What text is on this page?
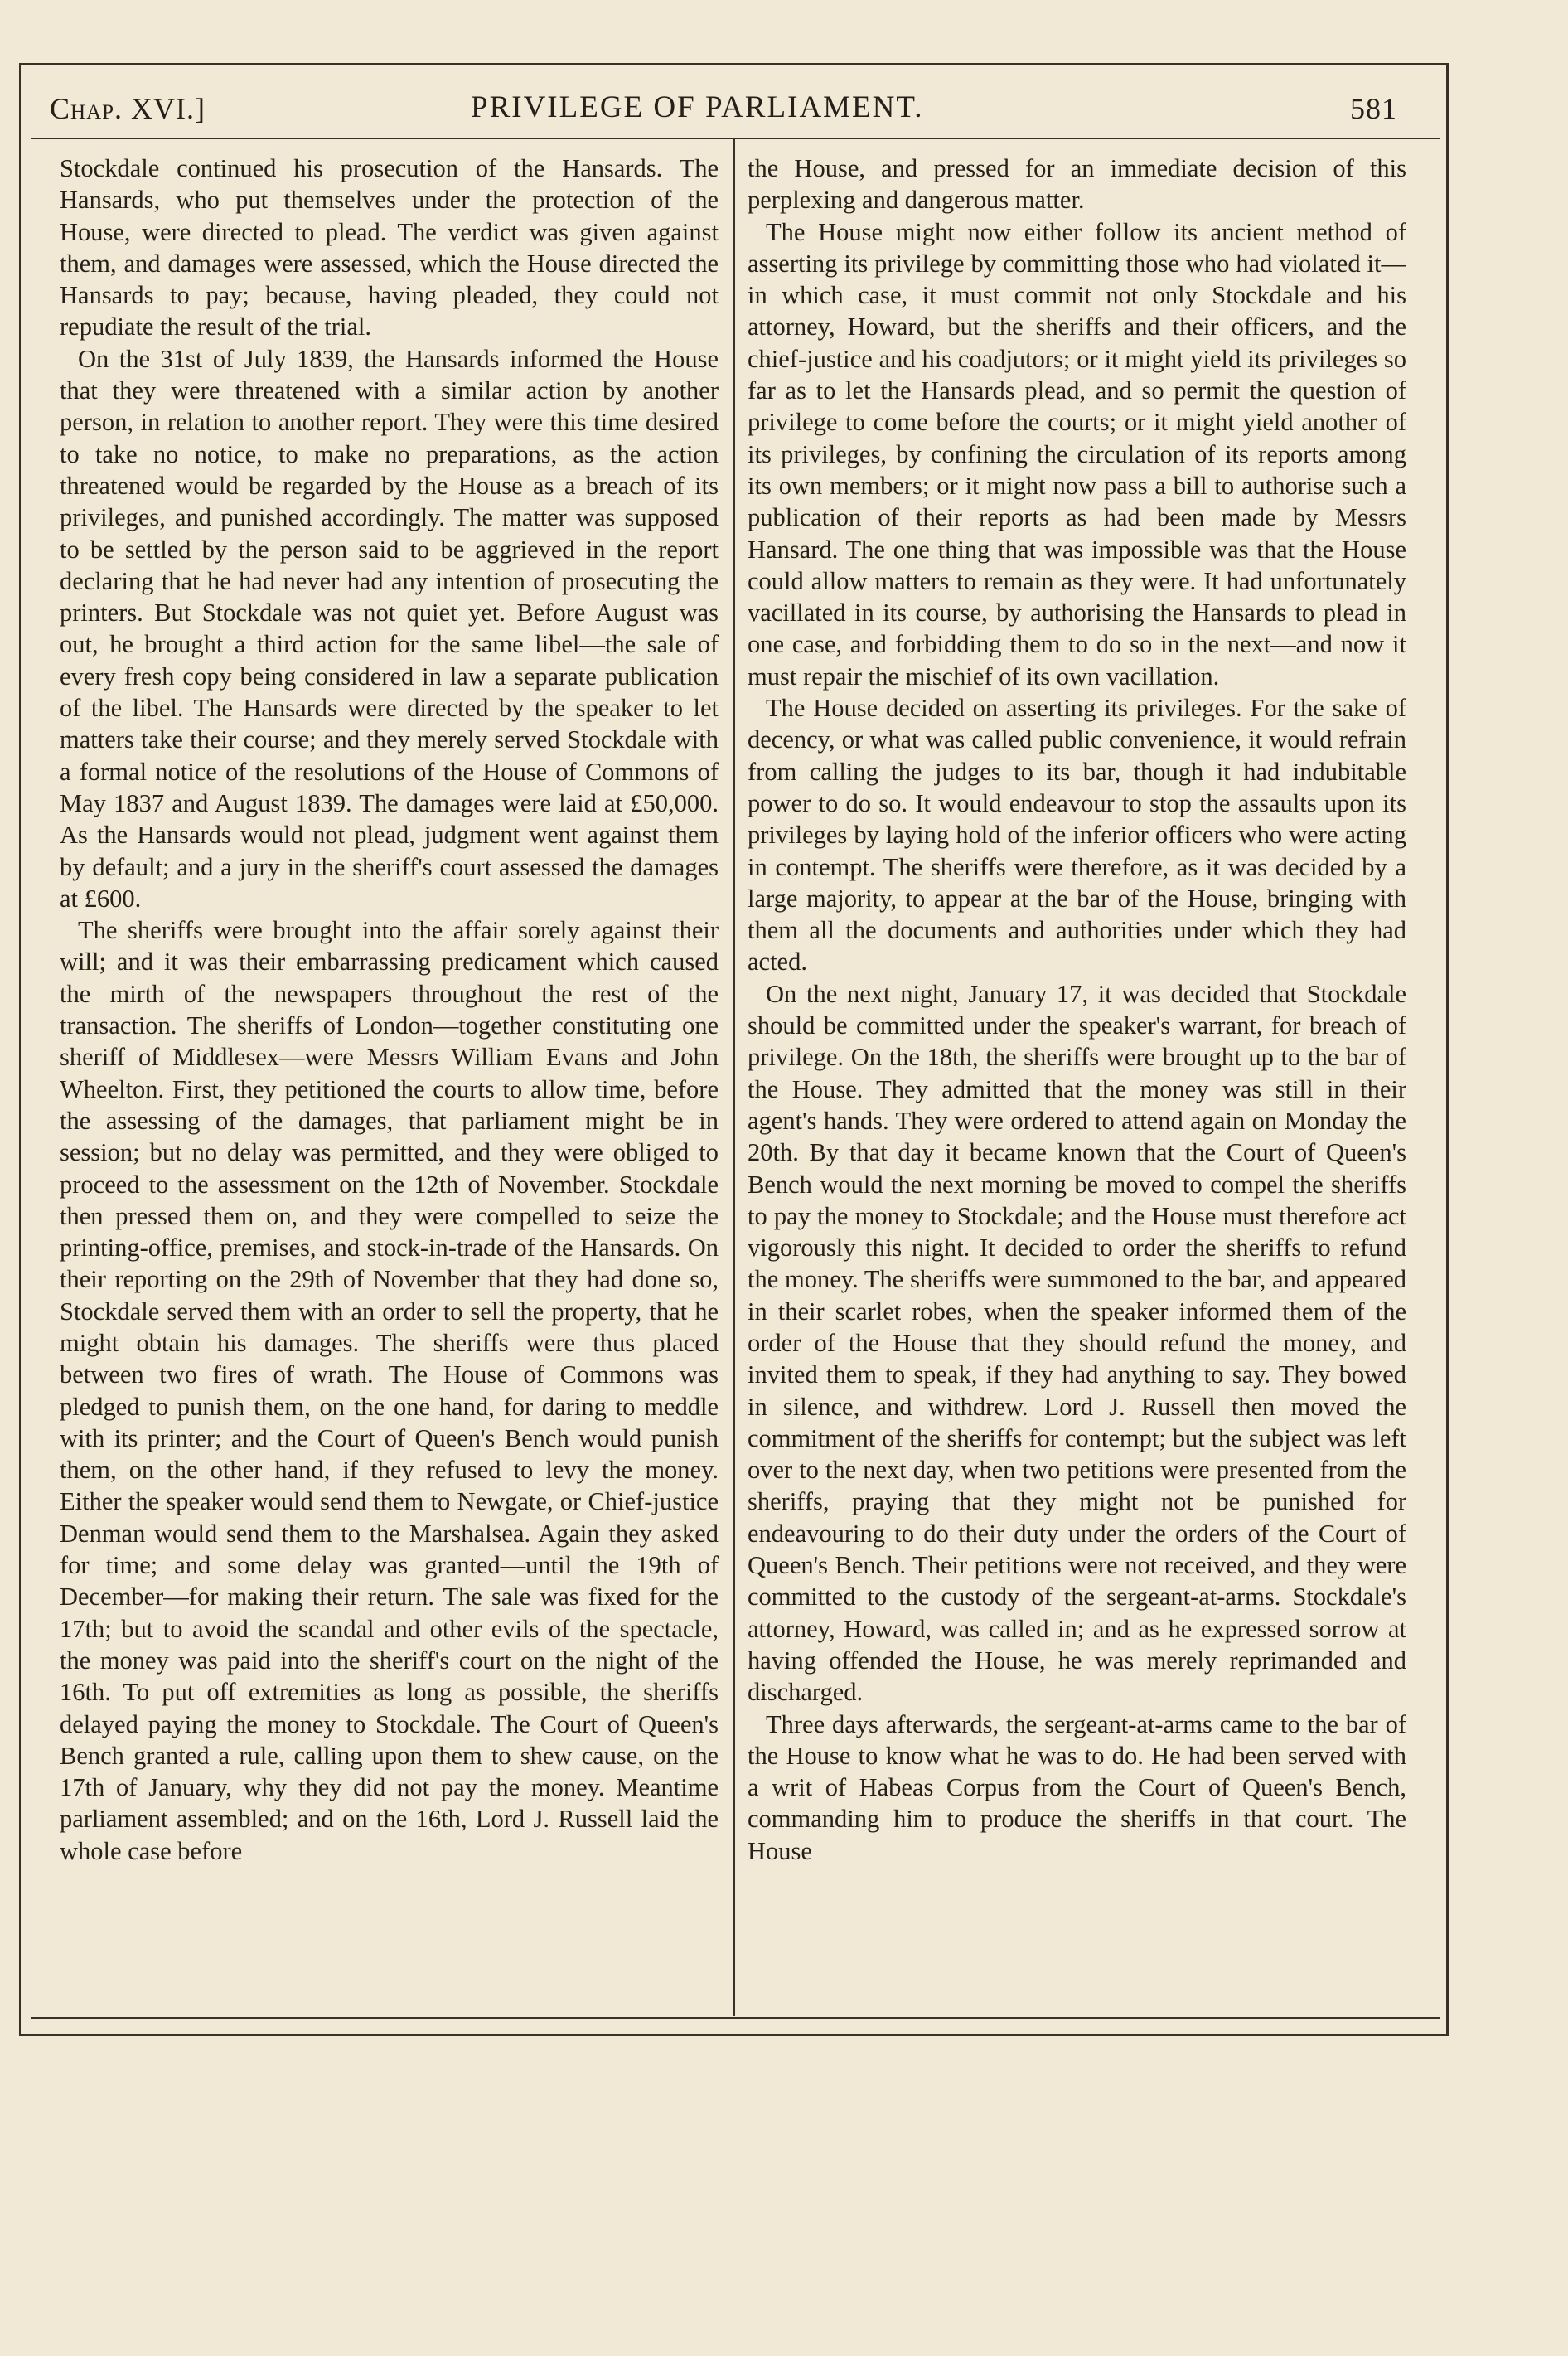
Chap. XVI.]	PRIVILEGE OF PARLIAMENT.	581

Stockdale continued his prosecution of the Hansards. The Hansards, who put themselves under the protection of the House, were directed to plead. The verdict was given against them, and damages were assessed, which the House directed the Hansards to pay; because, having pleaded, they could not repudiate the result of the trial.

On the 31st of July 1839, the Hansards informed the House that they were threatened with a similar action by another person, in relation to another report. They were this time desired to take no notice, to make no preparations, as the action threatened would be regarded by the House as a breach of its privileges, and punished accordingly. The matter was supposed to be settled by the person said to be aggrieved in the report declaring that he had never had any intention of prosecuting the printers. But Stockdale was not quiet yet. Before August was out, he brought a third action for the same libel—the sale of every fresh copy being considered in law a separate publication of the libel. The Hansards were directed by the speaker to let matters take their course; and they merely served Stockdale with a formal notice of the resolutions of the House of Commons of May 1837 and August 1839. The damages were laid at £50,000. As the Hansards would not plead, judgment went against them by default; and a jury in the sheriff's court assessed the damages at £600.

The sheriffs were brought into the affair sorely against their will; and it was their embarrassing predicament which caused the mirth of the newspapers throughout the rest of the transaction. The sheriffs of London—together constituting one sheriff of Middlesex—were Messrs William Evans and John Wheelton. First, they petitioned the courts to allow time, before the assessing of the damages, that parliament might be in session; but no delay was permitted, and they were obliged to proceed to the assessment on the 12th of November. Stockdale then pressed them on, and they were compelled to seize the printing-office, premises, and stock-in-trade of the Hansards. On their reporting on the 29th of November that they had done so, Stockdale served them with an order to sell the property, that he might obtain his damages. The sheriffs were thus placed between two fires of wrath. The House of Commons was pledged to punish them, on the one hand, for daring to meddle with its printer; and the Court of Queen's Bench would punish them, on the other hand, if they refused to levy the money. Either the speaker would send them to Newgate, or Chief-justice Denman would send them to the Marshalsea. Again they asked for time; and some delay was granted—until the 19th of December—for making their return. The sale was fixed for the 17th; but to avoid the scandal and other evils of the spectacle, the money was paid into the sheriff's court on the night of the 16th. To put off extremities as long as possible, the sheriffs delayed paying the money to Stockdale. The Court of Queen's Bench granted a rule, calling upon them to shew cause, on the 17th of January, why they did not pay the money. Meantime parliament assembled; and on the 16th, Lord J. Russell laid the whole case before

the House, and pressed for an immediate decision of this perplexing and dangerous matter.

The House might now either follow its ancient method of asserting its privilege by committing those who had violated it—in which case, it must commit not only Stockdale and his attorney, Howard, but the sheriffs and their officers, and the chief-justice and his coadjutors; or it might yield its privileges so far as to let the Hansards plead, and so permit the question of privilege to come before the courts; or it might yield another of its privileges, by confining the circulation of its reports among its own members; or it might now pass a bill to authorise such a publication of their reports as had been made by Messrs Hansard. The one thing that was impossible was that the House could allow matters to remain as they were. It had unfortunately vacillated in its course, by authorising the Hansards to plead in one case, and forbidding them to do so in the next—and now it must repair the mischief of its own vacillation.

The House decided on asserting its privileges. For the sake of decency, or what was called public convenience, it would refrain from calling the judges to its bar, though it had indubitable power to do so. It would endeavour to stop the assaults upon its privileges by laying hold of the inferior officers who were acting in contempt. The sheriffs were therefore, as it was decided by a large majority, to appear at the bar of the House, bringing with them all the documents and authorities under which they had acted.

On the next night, January 17, it was decided that Stockdale should be committed under the speaker's warrant, for breach of privilege. On the 18th, the sheriffs were brought up to the bar of the House. They admitted that the money was still in their agent's hands. They were ordered to attend again on Monday the 20th. By that day it became known that the Court of Queen's Bench would the next morning be moved to compel the sheriffs to pay the money to Stockdale; and the House must therefore act vigorously this night. It decided to order the sheriffs to refund the money. The sheriffs were summoned to the bar, and appeared in their scarlet robes, when the speaker informed them of the order of the House that they should refund the money, and invited them to speak, if they had anything to say. They bowed in silence, and withdrew. Lord J. Russell then moved the commitment of the sheriffs for contempt; but the subject was left over to the next day, when two petitions were presented from the sheriffs, praying that they might not be punished for endeavouring to do their duty under the orders of the Court of Queen's Bench. Their petitions were not received, and they were committed to the custody of the sergeant-at-arms. Stockdale's attorney, Howard, was called in; and as he expressed sorrow at having offended the House, he was merely reprimanded and discharged.

Three days afterwards, the sergeant-at-arms came to the bar of the House to know what he was to do. He had been served with a writ of Habeas Corpus from the Court of Queen's Bench, commanding him to produce the sheriffs in that court. The House
